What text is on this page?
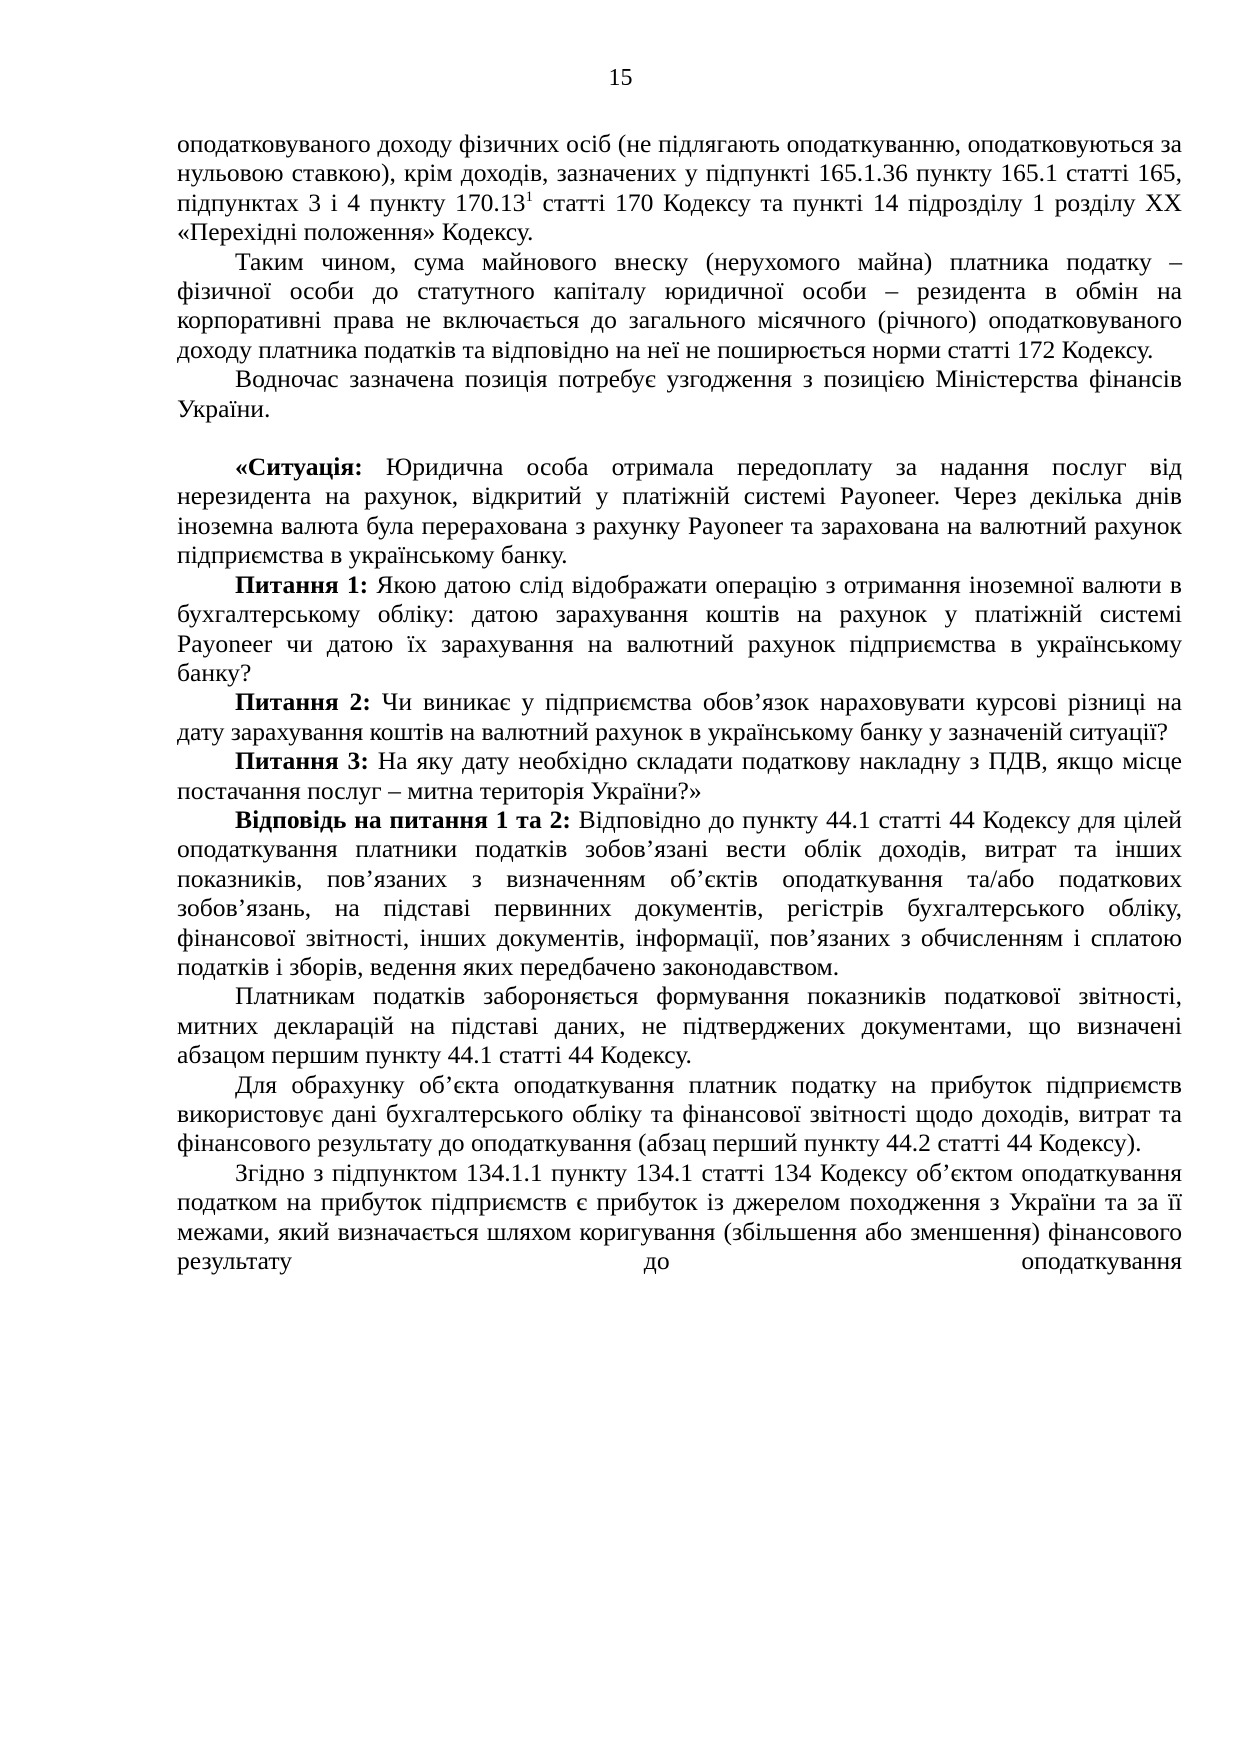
15

оподатковуваного доходу фізичних осіб (не підлягають оподаткуванню, оподатковуються за нульовою ставкою), крім доходів, зазначених у підпункті 165.1.36 пункту 165.1 статті 165, підпунктах 3 і 4 пункту 170.13$^1$ статті 170 Кодексу та пункті 14 підрозділу 1 розділу XX «Перехідні положення» Кодексу.

Таким чином, сума майнового внеску (нерухомого майна) платника податку – фізичної особи до статутного капіталу юридичної особи – резидента в обмін на корпоративні права не включається до загального місячного (річного) оподатковуваного доходу платника податків та відповідно на неї не поширюється норми статті 172 Кодексу.

Водночас зазначена позиція потребує узгодження з позицією Міністерства фінансів України.

«Ситуація: Юридична особа отримала передоплату за надання послуг від нерезидента на рахунок, відкритий у платіжній системі Payoneer. Через декілька днів іноземна валюта була перерахована з рахунку Payoneer та зарахована на валютний рахунок підприємства в українському банку.

Питання 1: Якою датою слід відображати операцію з отримання іноземної валюти в бухгалтерському обліку: датою зарахування коштів на рахунок у платіжній системі Payoneer чи датою їх зарахування на валютний рахунок підприємства в українському банку?

Питання 2: Чи виникає у підприємства обов’язок нараховувати курсові різниці на дату зарахування коштів на валютний рахунок в українському банку у зазначеній ситуації?

Питання 3: На яку дату необхідно складати податкову накладну з ПДВ, якщо місце постачання послуг – митна територія України?»

Відповідь на питання 1 та 2: Відповідно до пункту 44.1 статті 44 Кодексу для цілей оподаткування платники податків зобов’язані вести облік доходів, витрат та інших показників, пов’язаних з визначенням об’єктів оподаткування та/або податкових зобов’язань, на підставі первинних документів, регістрів бухгалтерського обліку, фінансової звітності, інших документів, інформації, пов’язаних з обчисленням і сплатою податків і зборів, ведення яких передбачено законодавством.

Платникам податків забороняється формування показників податкової звітності, митних декларацій на підставі даних, не підтверджених документами, що визначені абзацом першим пункту 44.1 статті 44 Кодексу.

Для обрахунку об’єкта оподаткування платник податку на прибуток підприємств використовує дані бухгалтерського обліку та фінансової звітності щодо доходів, витрат та фінансового результату до оподаткування (абзац перший пункту 44.2 статті 44 Кодексу).

Згідно з підпунктом 134.1.1 пункту 134.1 статті 134 Кодексу об’єктом оподаткування податком на прибуток підприємств є прибуток із джерелом походження з України та за її межами, який визначається шляхом коригування (збільшення або зменшення) фінансового результату до оподаткування
